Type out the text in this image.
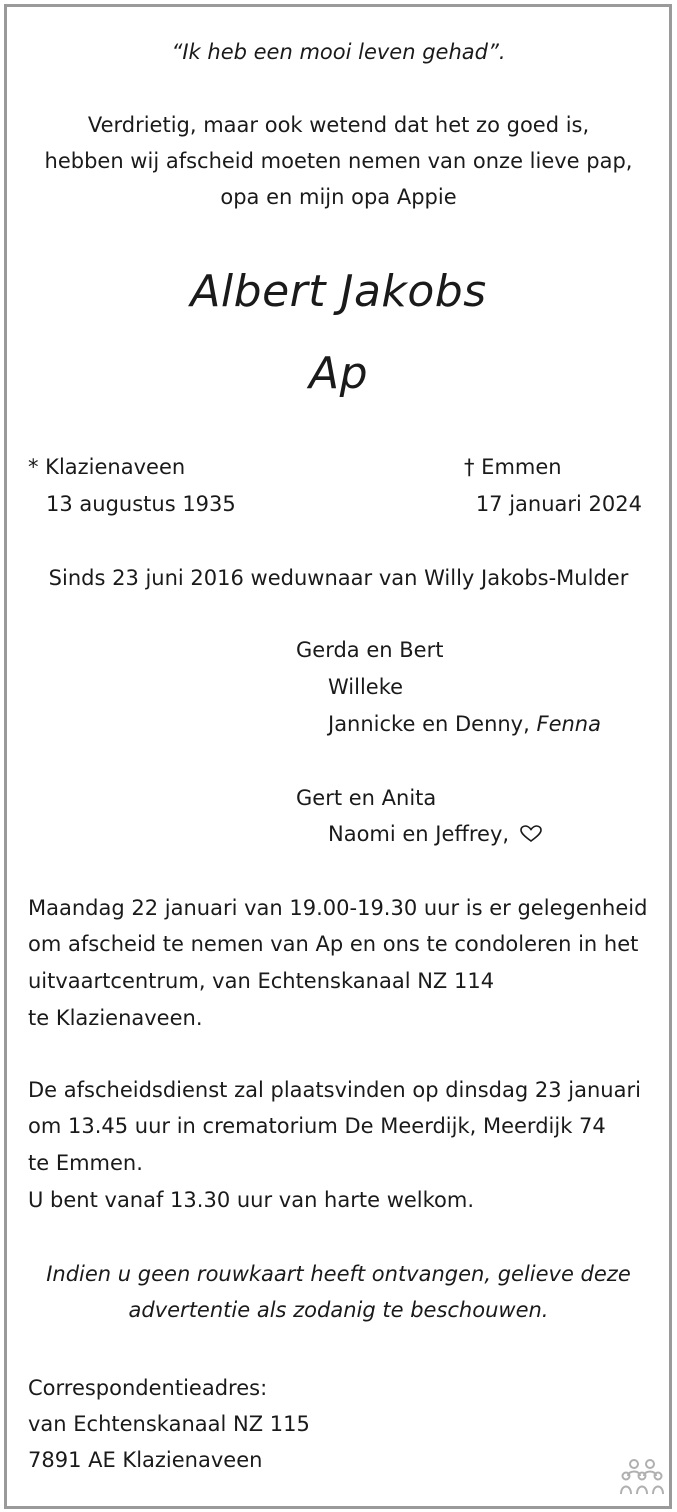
“Ik heb een mooi leven gehad”.
Verdrietig, maar ook wetend dat het zo goed is,
hebben wij afscheid moeten nemen van onze lieve pap,
opa en mijn opa Appie
Albert Jakobs
Ap
* Klazienaveen
13 augustus 1935
† Emmen
17 januari 2024
Sinds 23 juni 2016 weduwnaar van Willy Jakobs-Mulder
Gerda en Bert
Willeke
Jannicke en Denny, Fenna
Gert en Anita
Naomi en Jeffrey,
Maandag 22 januari van 19.00-19.30 uur is er gelegenheid
om afscheid te nemen van Ap en ons te condoleren in het
uitvaartcentrum, van Echtenskanaal NZ 114
te Klazienaveen.
De afscheidsdienst zal plaatsvinden op dinsdag 23 januari
om 13.45 uur in crematorium De Meerdijk, Meerdijk 74
te Emmen.
U bent vanaf 13.30 uur van harte welkom.
Indien u geen rouwkaart heeft ontvangen, gelieve deze
advertentie als zodanig te beschouwen.
Correspondentieadres:
van Echtenskanaal NZ 115
7891 AE Klazienaveen
